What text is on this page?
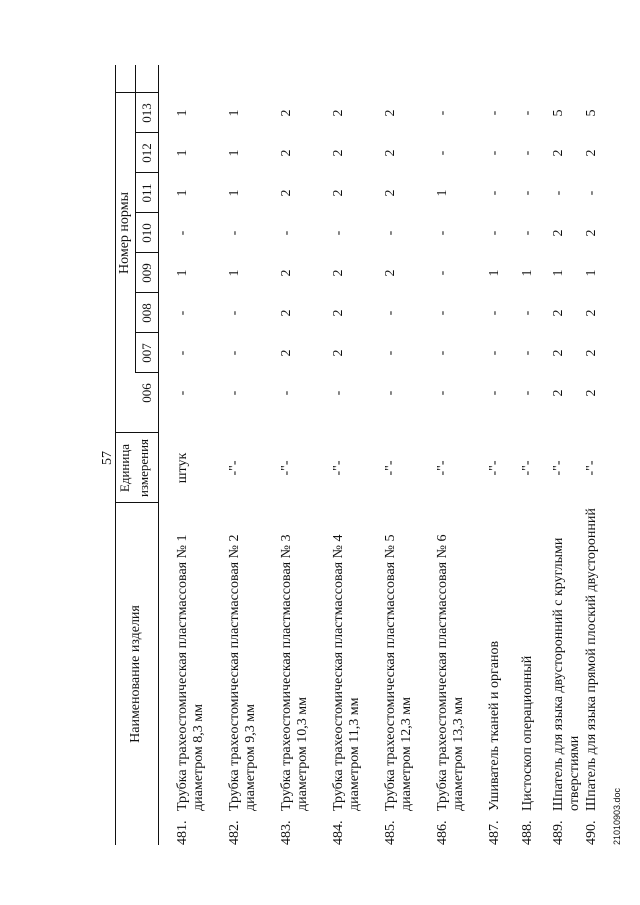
57
Наименование изделия
Единица измерения
Номер нормы
006
007
008
009
010
011
012
013
481.
Трубка трахеостомическая пластмассовая № 1 диаметром 8,3 мм
штук
-
-
-
1
-
1
1
1
482.
Трубка трахеостомическая пластмассовая № 2 диаметром 9,3 мм
-"-
-
-
-
1
-
1
1
1
483.
Трубка трахеостомическая пластмассовая № 3 диаметром 10,3 мм
-"-
-
2
2
2
-
2
2
2
484.
Трубка трахеостомическая пластмассовая № 4 диаметром 11,3 мм
-"-
-
2
2
2
-
2
2
2
485.
Трубка трахеостомическая пластмассовая № 5 диаметром 12,3 мм
-"-
-
-
-
2
-
2
2
2
486.
Трубка трахеостомическая пластмассовая № 6 диаметром 13,3 мм
-"-
-
-
-
-
-
1
-
-
487.
Ушиватель тканей и органов
-"-
-
-
-
1
-
-
-
-
488.
Цистоскоп операционный
-"-
-
-
-
1
-
-
-
-
489.
Шпатель для языка двусторонний с круглыми отверстиями
-"-
2
2
2
1
2
-
2
5
490.
Шпатель для языка прямой плоский двусторонний
-"-
2
2
2
1
2
-
2
5
21010903.doc
